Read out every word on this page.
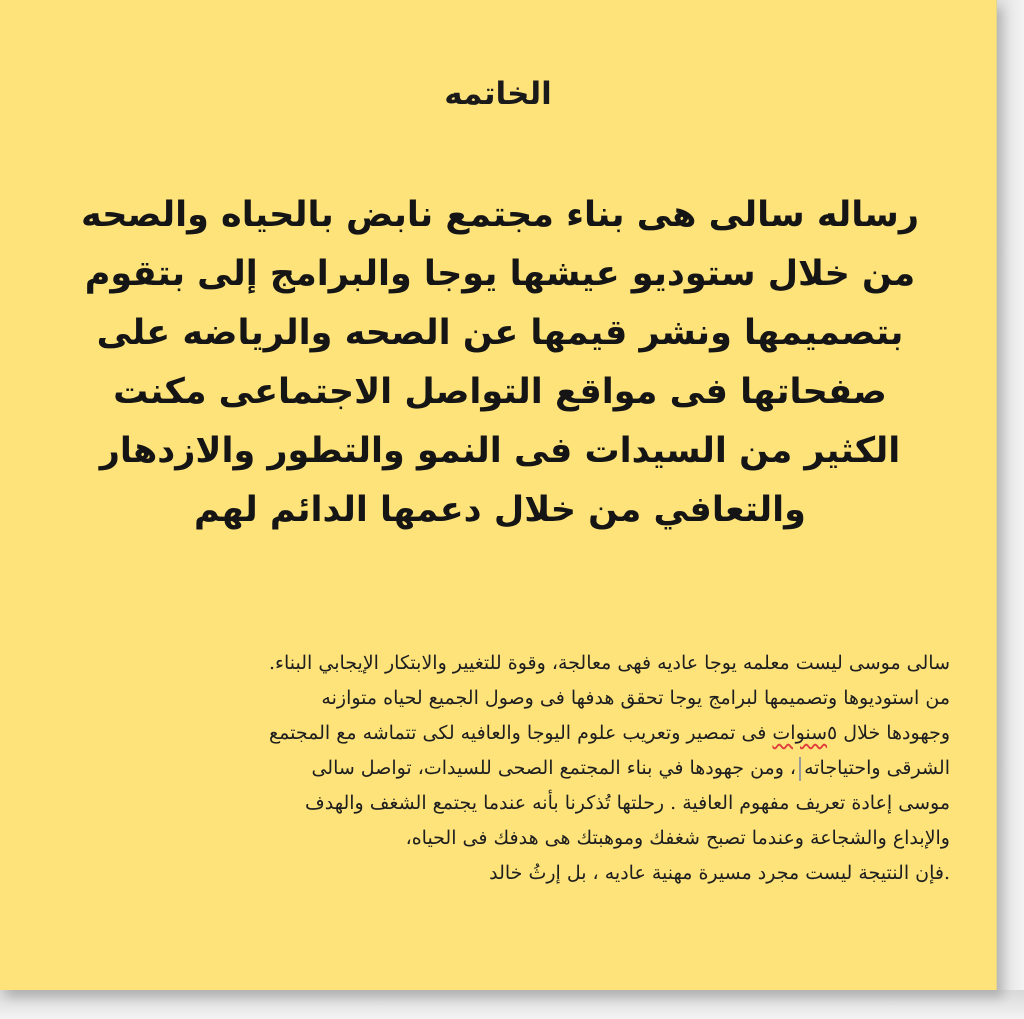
الخاتمه
رساله سالى هى بناء مجتمع نابض بالحياه والصحه
من خلال ستوديو عيشها يوجا والبرامج إلى بتقوم
بتصميمها ونشر قيمها عن الصحه والرياضه على
صفحاتها فى مواقع التواصل الاجتماعى مكنت
الكثير من السيدات فى النمو والتطور والازدهار
والتعافي من خلال دعمها الدائم لهم
سالى موسى ليست معلمه يوجا عاديه فهى معالجة، وقوة للتغيير والابتكار الإيجابي البناء.
من استوديوها وتصميمها لبرامج يوجا تحقق هدفها فى وصول الجميع لحياه متوازنه
وجهودها خلال ٥سنوات فى تمصير وتعريب علوم اليوجا والعافيه لكى تتماشه مع المجتمع
الشرقى واحتياجاته، ومن جهودها في بناء المجتمع الصحى للسيدات، تواصل سالى
موسى إعادة تعريف مفهوم العافية . رحلتها تُذكرنا بأنه عندما يجتمع الشغف والهدف
والإبداع والشجاعة وعندما تصبح شغفك وموهبتك هى هدفك فى الحياه،
.فإن النتيجة ليست مجرد مسيرة مهنية عاديه ، بل إرثُ خالد
